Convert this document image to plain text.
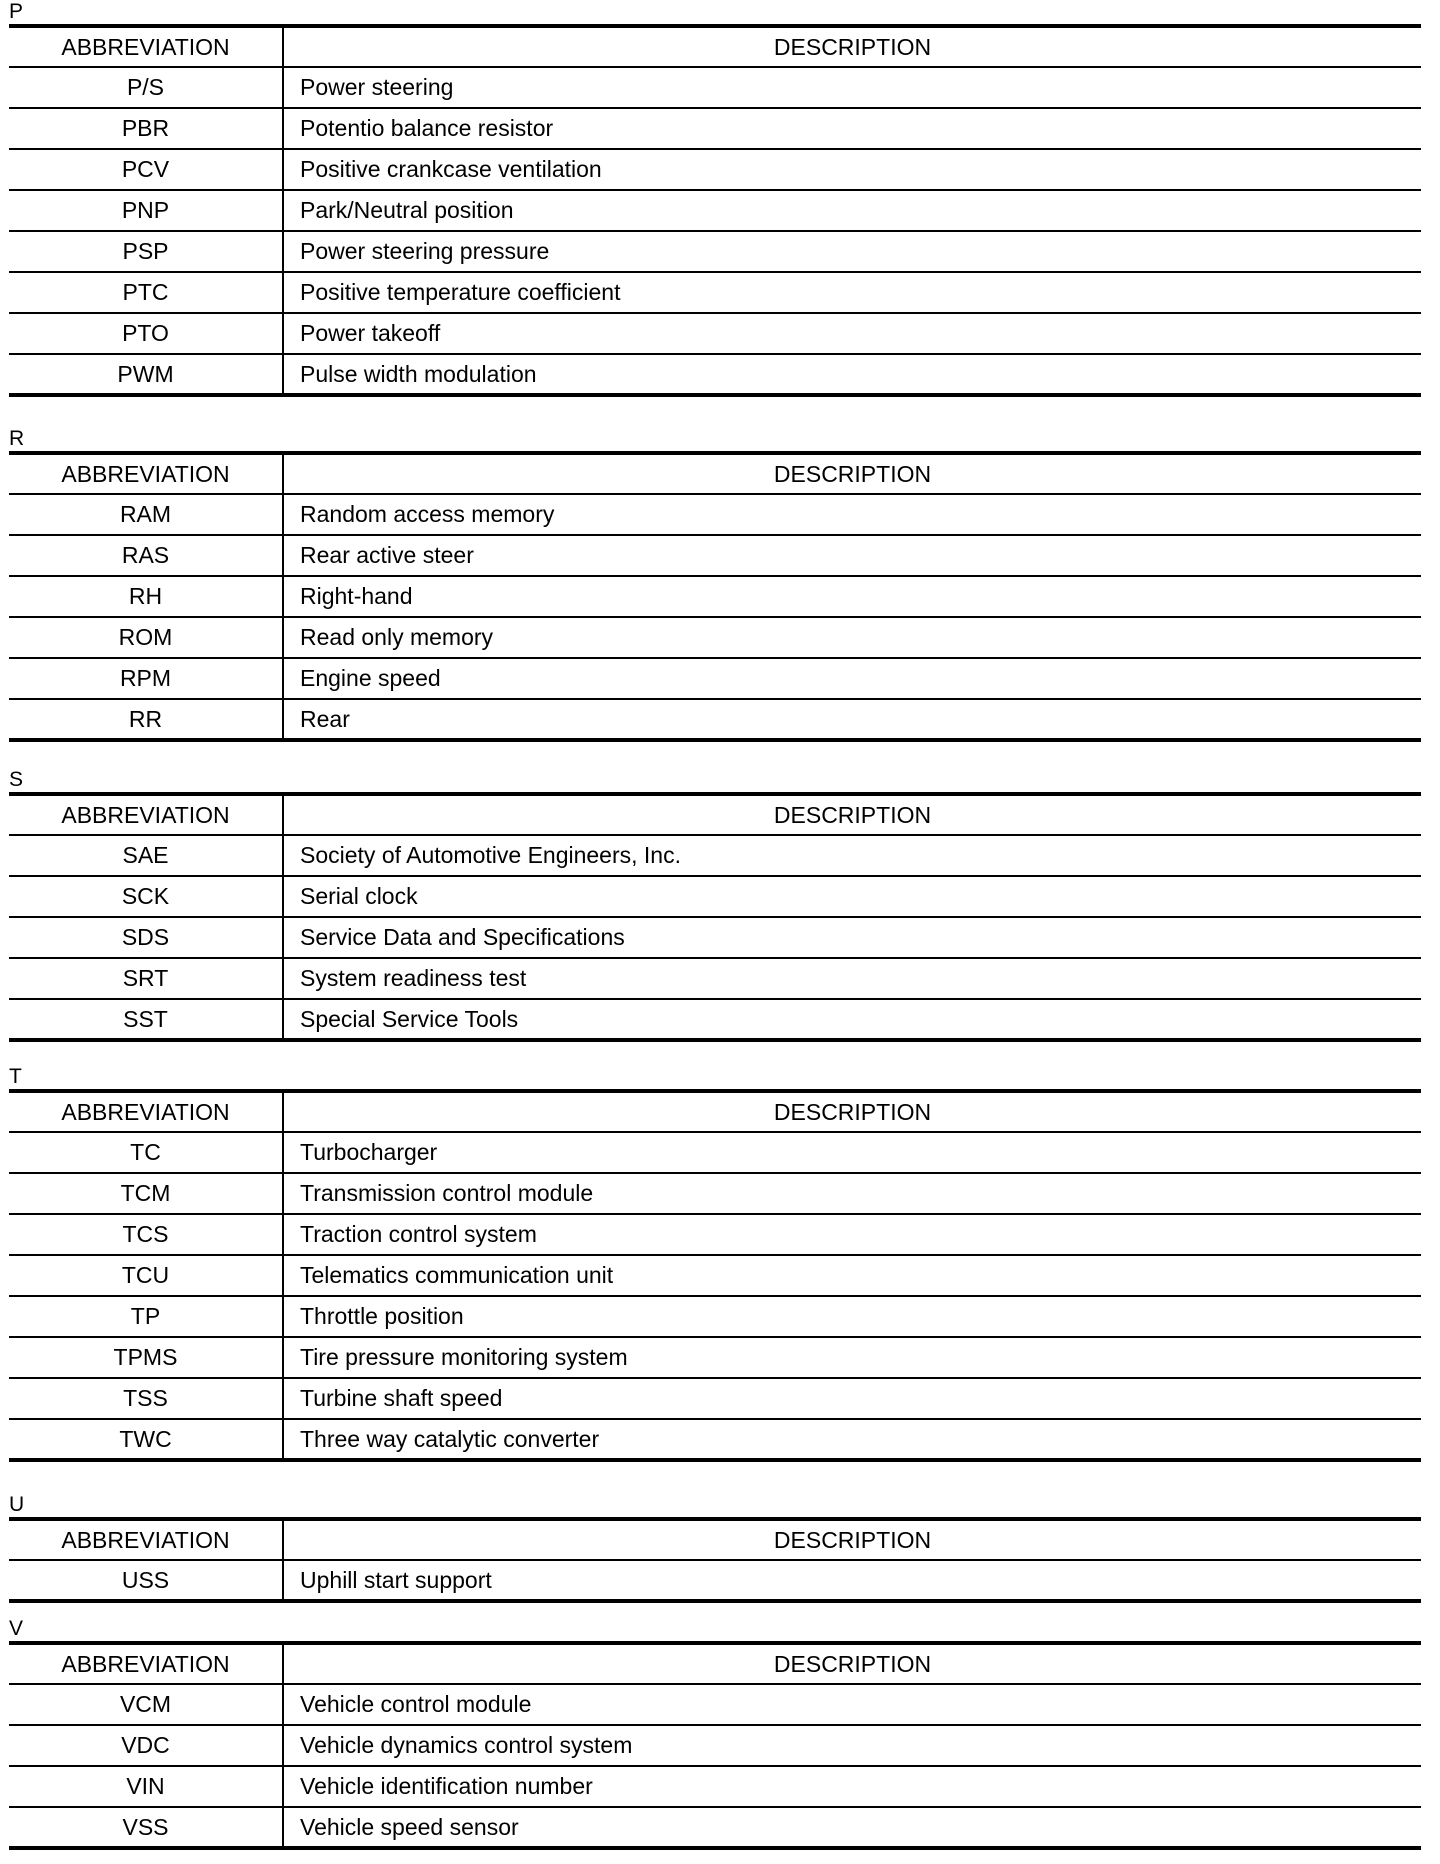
P
ABBREVIATION	DESCRIPTION
P/S	Power steering
PBR	Potentio balance resistor
PCV	Positive crankcase ventilation
PNP	Park/Neutral position
PSP	Power steering pressure
PTC	Positive temperature coefficient
PTO	Power takeoff
PWM	Pulse width modulation
R
ABBREVIATION	DESCRIPTION
RAM	Random access memory
RAS	Rear active steer
RH	Right-hand
ROM	Read only memory
RPM	Engine speed
RR	Rear
S
ABBREVIATION	DESCRIPTION
SAE	Society of Automotive Engineers, Inc.
SCK	Serial clock
SDS	Service Data and Specifications
SRT	System readiness test
SST	Special Service Tools
T
ABBREVIATION	DESCRIPTION
TC	Turbocharger
TCM	Transmission control module
TCS	Traction control system
TCU	Telematics communication unit
TP	Throttle position
TPMS	Tire pressure monitoring system
TSS	Turbine shaft speed
TWC	Three way catalytic converter
U
ABBREVIATION	DESCRIPTION
USS	Uphill start support
V
ABBREVIATION	DESCRIPTION
VCM	Vehicle control module
VDC	Vehicle dynamics control system
VIN	Vehicle identification number
VSS	Vehicle speed sensor
